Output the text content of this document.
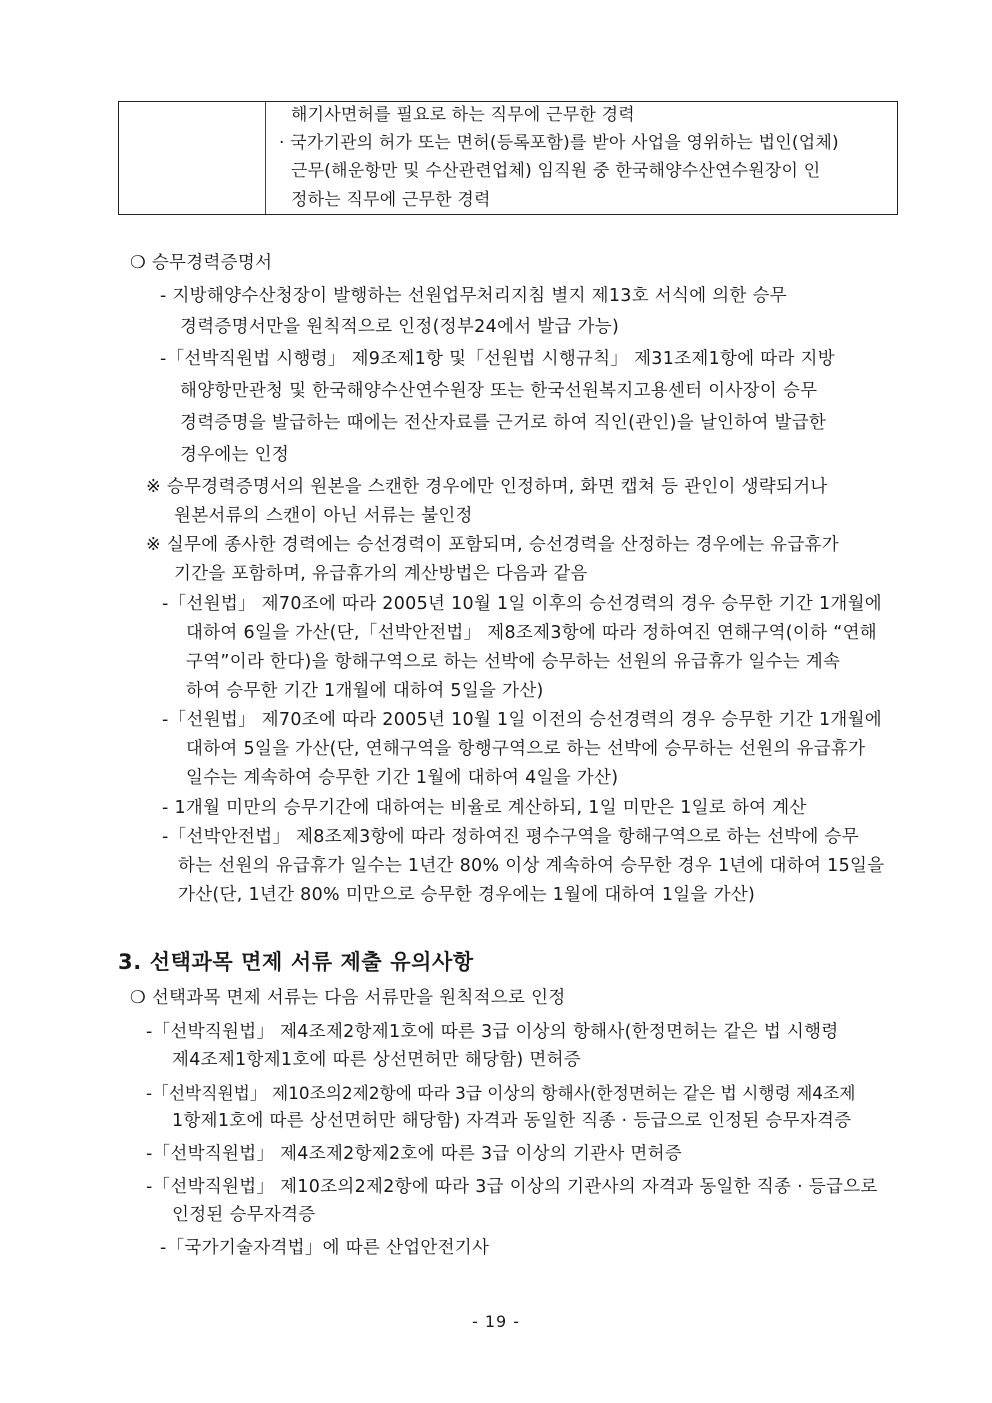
해기사면허를 필요로 하는 직무에 근무한 경력
· 국가기관의 허가 또는 면허(등록포함)를 받아 사업을 영위하는 법인(업체)
근무(해운항만 및 수산관련업체) 임직원 중 한국해양수산연수원장이 인
정하는 직무에 근무한 경력
❍ 승무경력증명서
- 지방해양수산청장이 발행하는 선원업무처리지침 별지 제13호 서식에 의한 승무
경력증명서만을 원칙적으로 인정(정부24에서 발급 가능)
-「선박직원법 시행령」 제9조제1항 및「선원법 시행규칙」 제31조제1항에 따라 지방
해양항만관청 및 한국해양수산연수원장 또는 한국선원복지고용센터 이사장이 승무
경력증명을 발급하는 때에는 전산자료를 근거로 하여 직인(관인)을 날인하여 발급한
경우에는 인정
※ 승무경력증명서의 원본을 스캔한 경우에만 인정하며, 화면 캡쳐 등 관인이 생략되거나
원본서류의 스캔이 아닌 서류는 불인정
※ 실무에 종사한 경력에는 승선경력이 포함되며, 승선경력을 산정하는 경우에는 유급휴가
기간을 포함하며, 유급휴가의 계산방법은 다음과 같음
-「선원법」 제70조에 따라 2005년 10월 1일 이후의 승선경력의 경우 승무한 기간 1개월에
대하여 6일을 가산(단,「선박안전법」 제8조제3항에 따라 정하여진 연해구역(이하 “연해
구역”이라 한다)을 항해구역으로 하는 선박에 승무하는 선원의 유급휴가 일수는 계속
하여 승무한 기간 1개월에 대하여 5일을 가산)
-「선원법」 제70조에 따라 2005년 10월 1일 이전의 승선경력의 경우 승무한 기간 1개월에
대하여 5일을 가산(단, 연해구역을 항행구역으로 하는 선박에 승무하는 선원의 유급휴가
일수는 계속하여 승무한 기간 1월에 대하여 4일을 가산)
- 1개월 미만의 승무기간에 대하여는 비율로 계산하되, 1일 미만은 1일로 하여 계산
-「선박안전법」 제8조제3항에 따라 정하여진 평수구역을 항해구역으로 하는 선박에 승무
하는 선원의 유급휴가 일수는 1년간 80% 이상 계속하여 승무한 경우 1년에 대하여 15일을
가산(단, 1년간 80% 미만으로 승무한 경우에는 1월에 대하여 1일을 가산)
3. 선택과목 면제 서류 제출 유의사항
❍ 선택과목 면제 서류는 다음 서류만을 원칙적으로 인정
-「선박직원법」 제4조제2항제1호에 따른 3급 이상의 항해사(한정면허는 같은 법 시행령
제4조제1항제1호에 따른 상선면허만 해당함) 면허증
-「선박직원법」 제10조의2제2항에 따라 3급 이상의 항해사(한정면허는 같은 법 시행령 제4조제
1항제1호에 따른 상선면허만 해당함) 자격과 동일한 직종 · 등급으로 인정된 승무자격증
-「선박직원법」 제4조제2항제2호에 따른 3급 이상의 기관사 면허증
-「선박직원법」 제10조의2제2항에 따라 3급 이상의 기관사의 자격과 동일한 직종 · 등급으로
인정된 승무자격증
-「국가기술자격법」에 따른 산업안전기사
- 19 -
